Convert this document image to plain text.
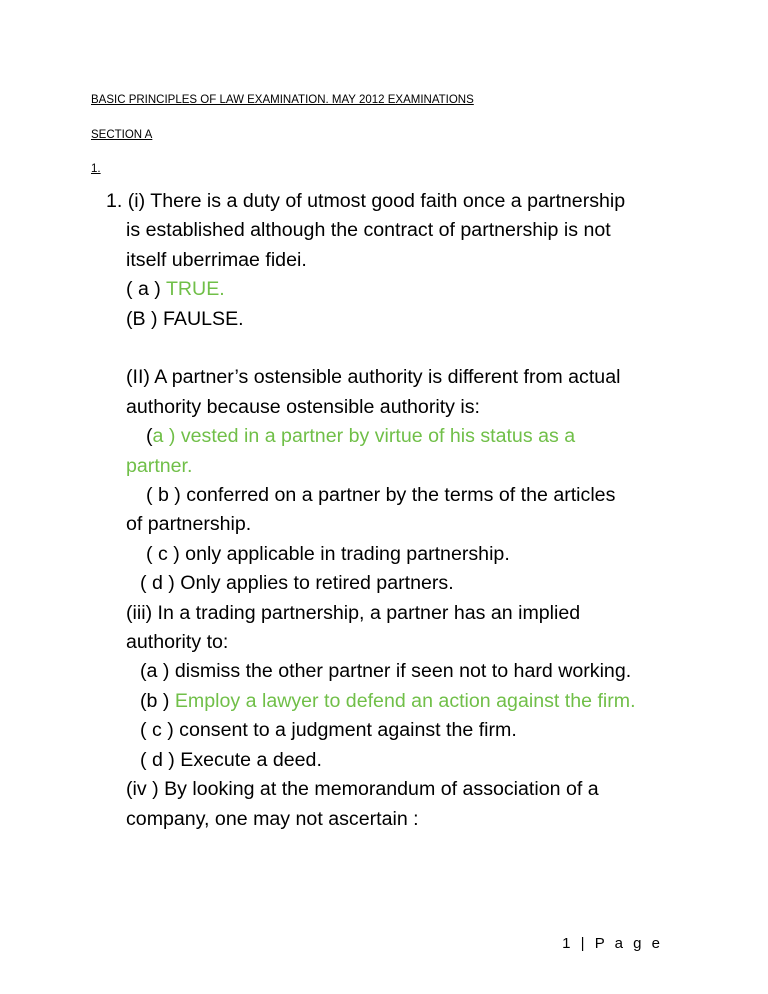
BASIC PRINCIPLES OF LAW EXAMINATION. MAY 2012 EXAMINATIONS
SECTION A
1.
1. (i) There is a duty of utmost good faith once a partnership
is established although the contract of partnership is not
itself uberrimae fidei.
( a ) TRUE.
(B ) FAULSE.
(II) A partner’s ostensible authority is different from actual
authority because ostensible authority is:
(a ) vested in a partner by virtue of his status as a
partner.
( b ) conferred on a partner by the terms of the articles
of partnership.
( c ) only applicable in trading partnership.
( d ) Only applies to retired partners.
(iii) In a trading partnership, a partner has an implied
authority to:
(a ) dismiss the other partner if seen not to hard working.
(b ) Employ a lawyer to defend an action against the firm.
( c ) consent to a judgment against the firm.
( d ) Execute a deed.
(iv ) By looking at the memorandum of association of a
company, one may not ascertain :
1 | P a g e
